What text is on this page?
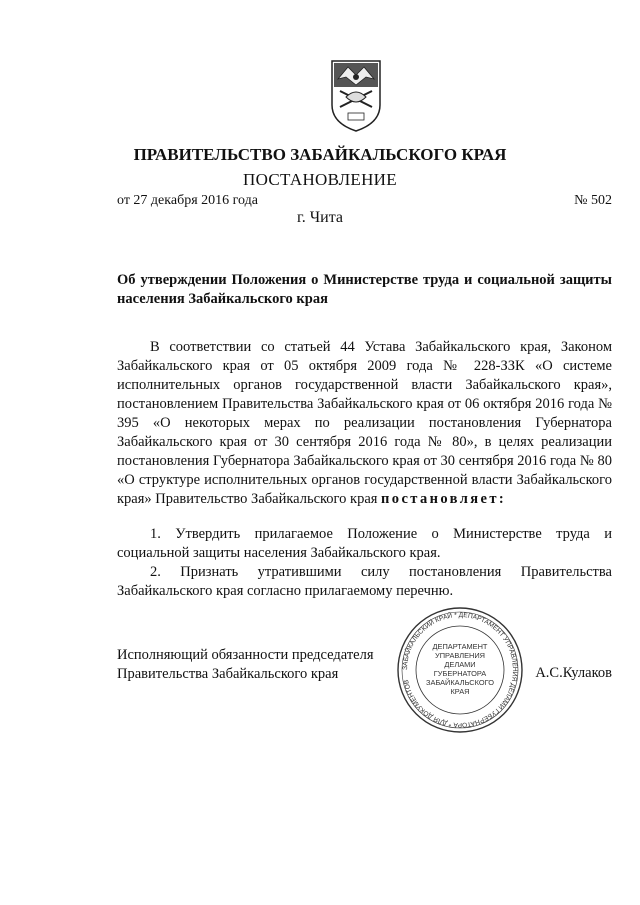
ПРАВИТЕЛЬСТВО ЗАБАЙКАЛЬСКОГО КРАЯ
ПОСТАНОВЛЕНИЕ
от 27 декабря 2016 года	№ 502
г. Чита
Об утверждении Положения о Министерстве труда и социальной защиты населения Забайкальского края

В соответствии со статьей 44 Устава Забайкальского края, Законом Забайкальского края от 05 октября 2009 года № 228-ЗЗК «О системе исполнительных органов государственной власти Забайкальского края», постановлением Правительства Забайкальского края от 06 октября 2016 года № 395 «О некоторых мерах по реализации постановления Губернатора Забайкальского края от 30 сентября 2016 года № 80», в целях реализации постановления Губернатора Забайкальского края от 30 сентября 2016 года № 80 «О структуре исполнительных органов государственной власти Забайкальского края» Правительство Забайкальского края постановляет:

1. Утвердить прилагаемое Положение о Министерстве труда и социальной защиты населения Забайкальского края.

2. Признать утратившими силу постановления Правительства Забайкальского края согласно прилагаемому перечню.

Исполняющий обязанности председателя
Правительства Забайкальского края	ЗАБАЙКАЛЬСКИЙ КРАЙ * ДЕПАРТАМЕНТ УПРАВЛЕНИЯ ДЕЛАМИ ГУБЕРНАТОРА * ДЛЯ ДОКУМЕНТОВ
ДЕПАРТАМЕНТ
УПРАВЛЕНИЯ
ДЕЛАМИ
ГУБЕРНАТОРА
ЗАБАЙКАЛЬСКОГО
КРАЯ
А.С.Кулаков
